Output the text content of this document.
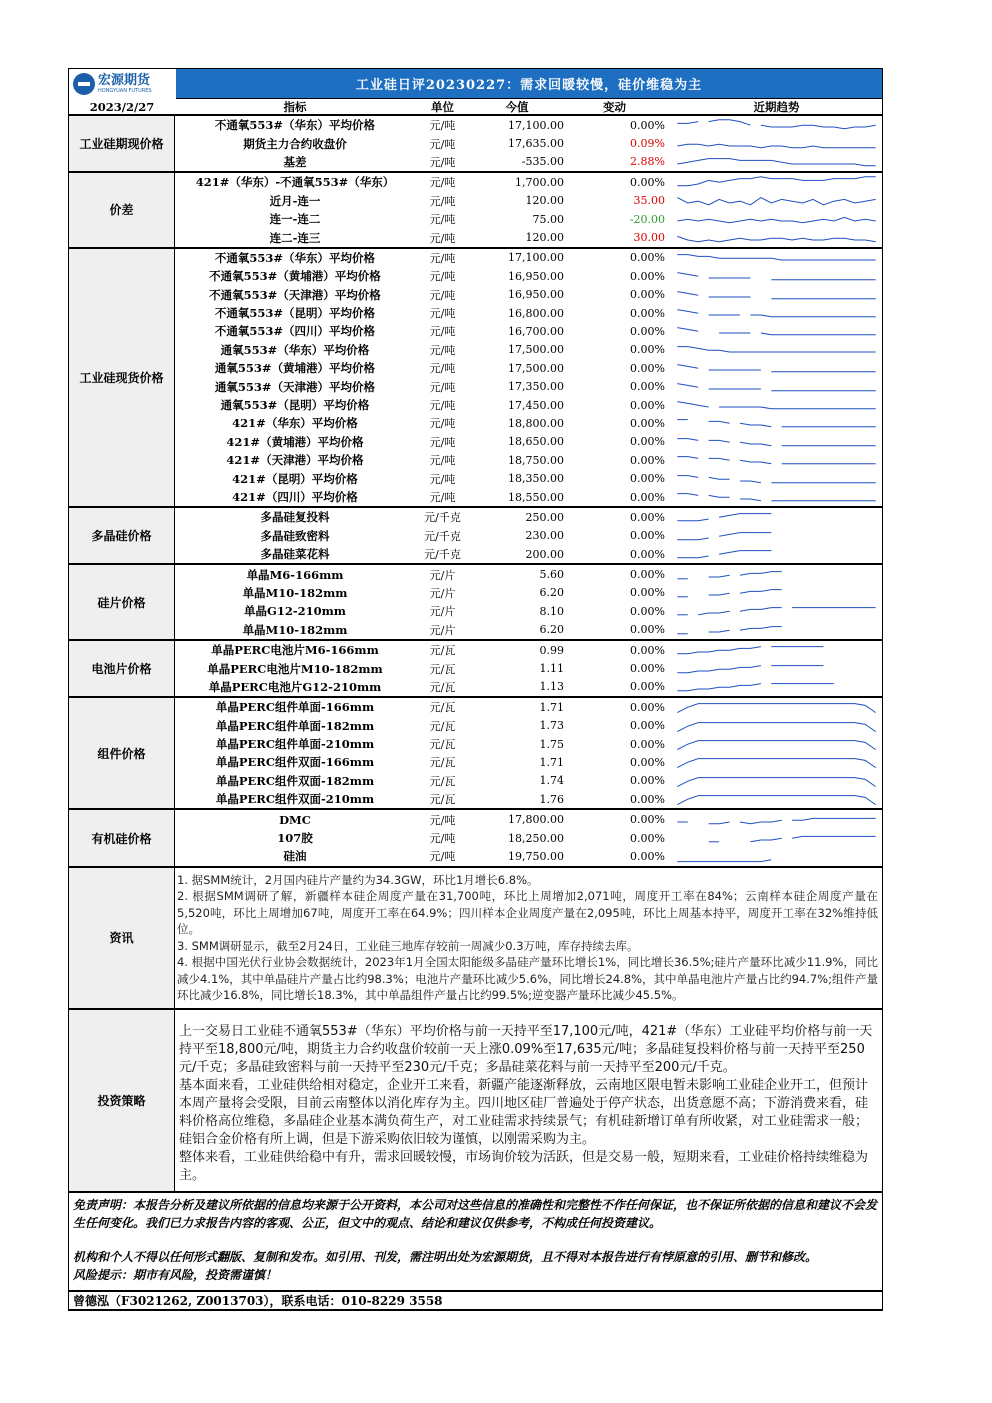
宏源期货
HONGYUAN FUTURES	工业硅日评20230227：需求回暖较慢，硅价维稳为主
2023/2/27	指标	单位	今值	变动	近期趋势
工业硅期现价格
不通氧553#（华东）平均价格	元/吨	17,100.00	0.00%
期货主力合约收盘价	元/吨	17,635.00	0.09%
基差	元/吨	-535.00	2.88%
价差
421#（华东）-不通氧553#（华东）	元/吨	1,700.00	0.00%
近月-连一	元/吨	120.00	35.00
连一-连二	元/吨	75.00	-20.00
连二-连三	元/吨	120.00	30.00
工业硅现货价格
不通氧553#（华东）平均价格	元/吨	17,100.00	0.00%
不通氧553#（黄埔港）平均价格	元/吨	16,950.00	0.00%
不通氧553#（天津港）平均价格	元/吨	16,950.00	0.00%
不通氧553#（昆明）平均价格	元/吨	16,800.00	0.00%
不通氧553#（四川）平均价格	元/吨	16,700.00	0.00%
通氧553#（华东）平均价格	元/吨	17,500.00	0.00%
通氧553#（黄埔港）平均价格	元/吨	17,500.00	0.00%
通氧553#（天津港）平均价格	元/吨	17,350.00	0.00%
通氧553#（昆明）平均价格	元/吨	17,450.00	0.00%
421#（华东）平均价格	元/吨	18,800.00	0.00%
421#（黄埔港）平均价格	元/吨	18,650.00	0.00%
421#（天津港）平均价格	元/吨	18,750.00	0.00%
421#（昆明）平均价格	元/吨	18,350.00	0.00%
421#（四川）平均价格	元/吨	18,550.00	0.00%
多晶硅价格
多晶硅复投料	元/千克	250.00	0.00%
多晶硅致密料	元/千克	230.00	0.00%
多晶硅菜花料	元/千克	200.00	0.00%
硅片价格
单晶M6-166mm	元/片	5.60	0.00%
单晶M10-182mm	元/片	6.20	0.00%
单晶G12-210mm	元/片	8.10	0.00%
单晶M10-182mm	元/片	6.20	0.00%
电池片价格
单晶PERC电池片M6-166mm	元/瓦	0.99	0.00%
单晶PERC电池片M10-182mm	元/瓦	1.11	0.00%
单晶PERC电池片G12-210mm	元/瓦	1.13	0.00%
组件价格
单晶PERC组件单面-166mm	元/瓦	1.71	0.00%
单晶PERC组件单面-182mm	元/瓦	1.73	0.00%
单晶PERC组件单面-210mm	元/瓦	1.75	0.00%
单晶PERC组件双面-166mm	元/瓦	1.71	0.00%
单晶PERC组件双面-182mm	元/瓦	1.74	0.00%
单晶PERC组件双面-210mm	元/瓦	1.76	0.00%
有机硅价格
DMC	元/吨	17,800.00	0.00%
107胶	元/吨	18,250.00	0.00%
硅油	元/吨	19,750.00	0.00%
资讯
1. 据SMM统计，2月国内硅片产量约为34.3GW，环比1月增长6.8%。
2. 根据SMM调研了解，新疆样本硅企周度产量在31,700吨，环比上周增加2,071吨，周度开工率在84%；云南样本硅企周度产量在5,520吨，环比上周增加67吨，周度开工率在64.9%；四川样本企业周度产量在2,095吨，环比上周基本持平，周度开工率在32%维持低位。
3. SMM调研显示，截至2月24日，工业硅三地库存较前一周减少0.3万吨，库存持续去库。
4. 根据中国光伏行业协会数据统计，2023年1月全国太阳能级多晶硅产量环比增长1%，同比增长36.5%;硅片产量环比减少11.9%，同比减少4.1%，其中单晶硅片产量占比约98.3%；电池片产量环比减少5.6%，同比增长24.8%，其中单晶电池片产量占比约94.7%;组件产量环比减少16.8%，同比增长18.3%，其中单晶组件产量占比约99.5%;逆变器产量环比减少45.5%。
投资策略

上一交易日工业硅不通氧553#（华东）平均价格与前一天持平至17,100元/吨，421#（华东）工业硅平均价格与前一天持平至18,800元/吨，期货主力合约收盘价较前一天上涨0.09%至17,635元/吨；多晶硅复投料价格与前一天持平至250元/千克；多晶硅致密料与前一天持平至230元/千克；多晶硅菜花料与前一天持平至200元/千克。

基本面来看，工业硅供给相对稳定，企业开工来看，新疆产能逐渐释放，云南地区限电暂未影响工业硅企业开工，但预计本周产量将会受限，目前云南整体以消化库存为主。四川地区硅厂普遍处于停产状态，出货意愿不高；下游消费来看，硅料价格高位维稳，多晶硅企业基本满负荷生产，对工业硅需求持续景气；有机硅新增订单有所收紧，对工业硅需求一般；硅铝合金价格有所上调，但是下游采购依旧较为谨慎，以刚需采购为主。

整体来看，工业硅供给稳中有升，需求回暖较慢，市场询价较为活跃，但是交易一般，短期来看，工业硅价格持续维稳为主。

免责声明：本报告分析及建议所依据的信息均来源于公开资料，本公司对这些信息的准确性和完整性不作任何保证，也不保证所依据的信息和建议不会发生任何变化。我们已力求报告内容的客观、公正，但文中的观点、结论和建议仅供参考，不构成任何投资建议。

机构和个人不得以任何形式翻版、复制和发布。如引用、刊发，需注明出处为宏源期货，且不得对本报告进行有悖原意的引用、删节和修改。

风险提示：期市有风险，投资需谨慎！

曾德泓（F3021262, Z0013703），联系电话：010-8229 3558
